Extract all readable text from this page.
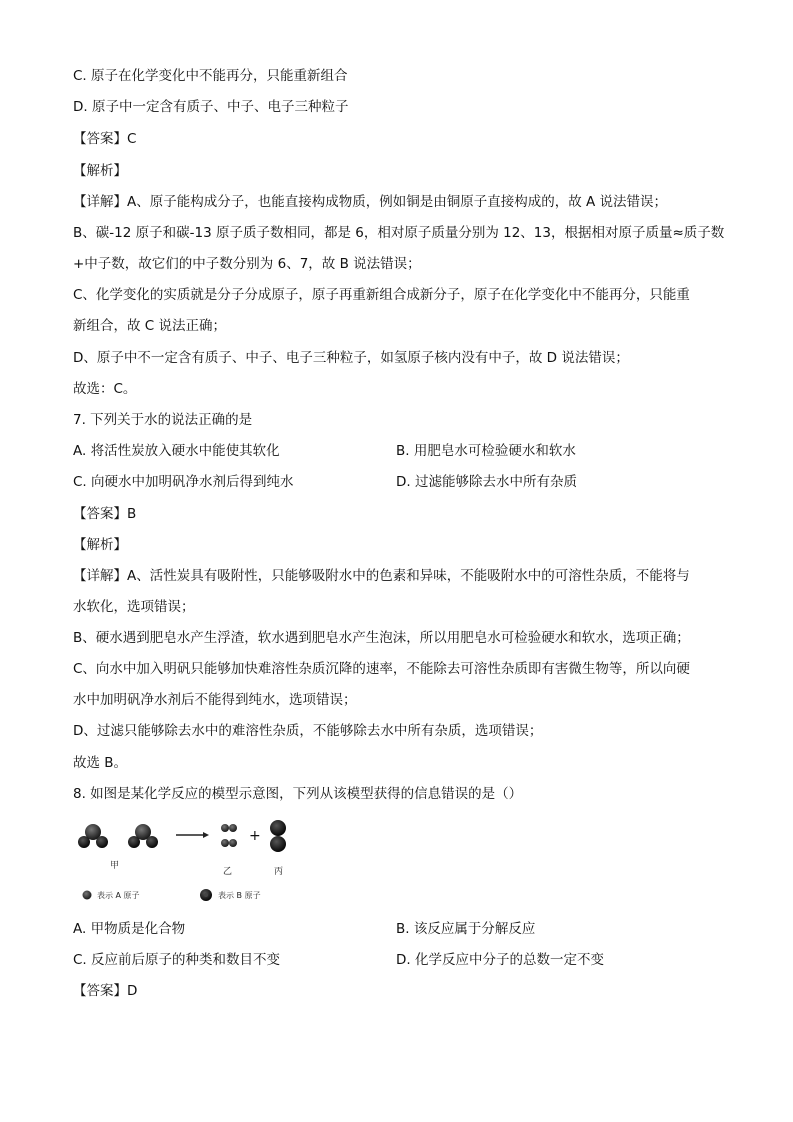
C. 原子在化学变化中不能再分，只能重新组合
D. 原子中一定含有质子、中子、电子三种粒子
【答案】C
【解析】
【详解】A、原子能构成分子，也能直接构成物质，例如铜是由铜原子直接构成的，故 A 说法错误；
B、碳-12 原子和碳-13 原子质子数相同，都是 6，相对原子质量分别为 12、13，根据相对原子质量≈质子数
+中子数，故它们的中子数分别为 6、7，故 B 说法错误；
C、化学变化的实质就是分子分成原子，原子再重新组合成新分子，原子在化学变化中不能再分，只能重
新组合，故 C 说法正确；
D、原子中不一定含有质子、中子、电子三种粒子，如氢原子核内没有中子，故 D 说法错误；
故选：C。
7. 下列关于水的说法正确的是
A. 将活性炭放入硬水中能使其软化	B. 用肥皂水可检验硬水和软水
C. 向硬水中加明矾净水剂后得到纯水	D. 过滤能够除去水中所有杂质
【答案】B
【解析】
【详解】A、活性炭具有吸附性，只能够吸附水中的色素和异味，不能吸附水中的可溶性杂质，不能将与
水软化，选项错误；
B、硬水遇到肥皂水产生浮渣，软水遇到肥皂水产生泡沫，所以用肥皂水可检验硬水和软水，选项正确；
C、向水中加入明矾只能够加快难溶性杂质沉降的速率，不能除去可溶性杂质即有害微生物等，所以向硬
水中加明矾净水剂后不能得到纯水，选项错误；
D、过滤只能够除去水中的难溶性杂质，不能够除去水中所有杂质，选项错误；
故选 B。
8. 如图是某化学反应的模型示意图，下列从该模型获得的信息错误的是（）
+
甲
乙	丙
表示 A 原子	表示 B 原子
A. 甲物质是化合物	B. 该反应属于分解反应
C. 反应前后原子的种类和数目不变	D. 化学反应中分子的总数一定不变
【答案】D
